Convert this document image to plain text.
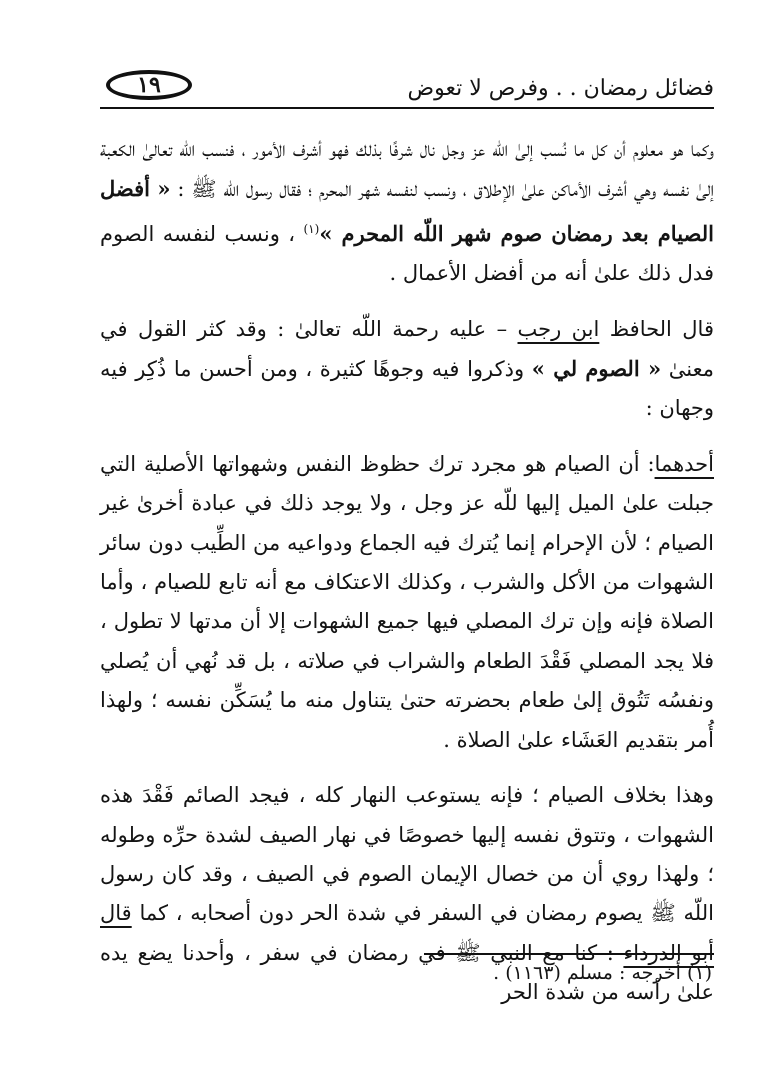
١٩	فضائل رمضان . . وفرص لا تعوض

وكما هو معلوم أن كل ما نُسب إلىٰ اللّه عز وجل نال شرفًا بذلك فهو أشرف الأمور ، فنسب اللّه تعالىٰ الكعبة إلىٰ نفسه وهي أشرف الأماكن علىٰ الإطلاق ، ونسب لنفسه شهر المحرم ؛ فقال رسول اللّه ﷺ : « أفضل الصيام بعد رمضان صوم شهر اللّه المحرم »$^{(١)}$ ، ونسب لنفسه الصوم فدل ذلك علىٰ أنه من أفضل الأعمال .

قال الحافظ ابن رجب – عليه رحمة اللّه تعالىٰ : وقد كثر القول في معنىٰ « الصوم لي » وذكروا فيه وجوهًا كثيرة ، ومن أحسن ما ذُكِر فيه وجهان :

أحدهما: أن الصيام هو مجرد ترك حظوظ النفس وشهواتها الأصلية التي جبلت علىٰ الميل إليها للّه عز وجل ، ولا يوجد ذلك في عبادة أخرىٰ غير الصيام ؛ لأن الإحرام إنما يُترك فيه الجماع ودواعيه من الطِّيب دون سائر الشهوات من الأكل والشرب ، وكذلك الاعتكاف مع أنه تابع للصيام ، وأما الصلاة فإنه وإن ترك المصلي فيها جميع الشهوات إلا أن مدتها لا تطول ، فلا يجد المصلي فَقْدَ الطعام والشراب في صلاته ، بل قد نُهي أن يُصلي ونفسُه تَتُوق إلىٰ طعام بحضرته حتىٰ يتناول منه ما يُسَكِّن نفسه ؛ ولهذا أُمر بتقديم العَشَاء علىٰ الصلاة .

وهذا بخلاف الصيام ؛ فإنه يستوعب النهار كله ، فيجد الصائم فَقْدَ هذه الشهوات ، وتتوق نفسه إليها خصوصًا في نهار الصيف لشدة حرِّه وطوله ؛ ولهذا روي أن من خصال الإيمان الصوم في الصيف ، وقد كان رسول اللّه ﷺ يصوم رمضان في السفر في شدة الحر دون أصحابه ، كما قال أبو الدرداء : كنا مع النبي ﷺ في رمضان في سفر ، وأحدنا يضع يده علىٰ رأسه من شدة الحر

(١) أخرجه : مسلم (١١٦٣) .
